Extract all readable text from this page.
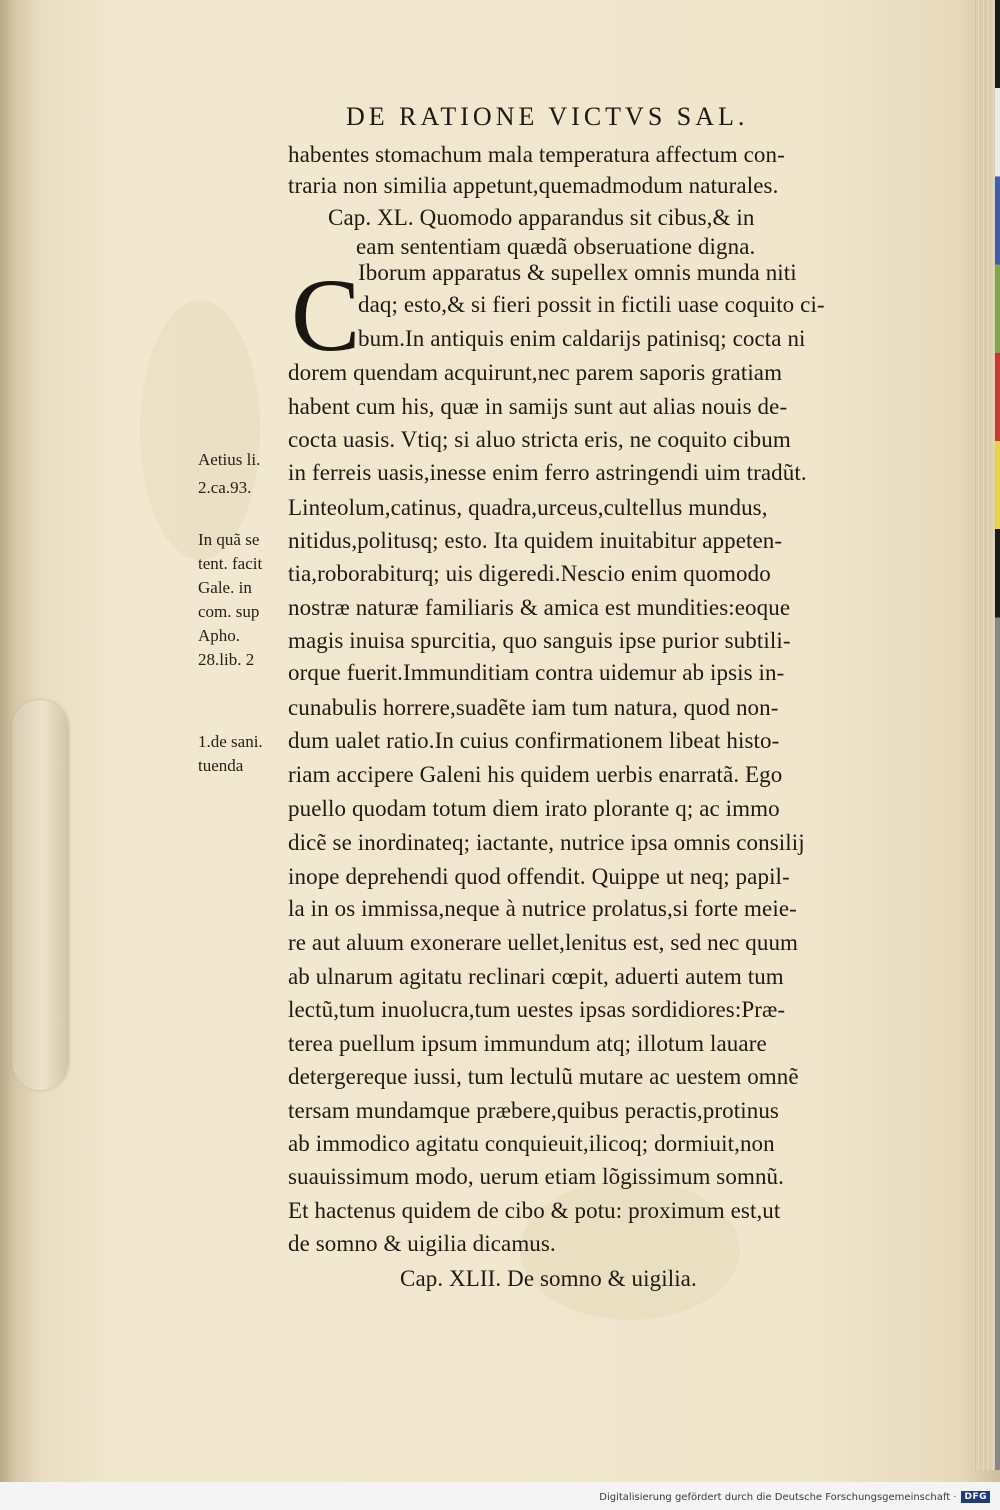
DE RATIONE VICTVS SAL.
C
habentes stomachum mala temperatura affectum con-
traria non similia appetunt,quemadmodum naturales.
Cap. XL. Quomodo apparandus sit cibus,& in
eam sententiam quædã obseruatione digna.
Iborum apparatus & supellex omnis munda niti
daq; esto,& si fieri possit in fictili uase coquito ci-
bum.In antiquis enim caldarijs patinisq; cocta ni
dorem quendam acquirunt,nec parem saporis gratiam
habent cum his, quæ in samijs sunt aut alias nouis de-
cocta uasis. Vtiq; si aluo stricta eris, ne coquito cibum
in ferreis uasis,inesse enim ferro astringendi uim tradũt.
Linteolum,catinus, quadra,urceus,cultellus mundus,
nitidus,politusq; esto. Ita quidem inuitabitur appeten-
tia,roborabiturq; uis digeredi.Nescio enim quomodo
nostræ naturæ familiaris & amica est mundities:eoque
magis inuisa spurcitia, quo sanguis ipse purior subtili-
orque fuerit.Immunditiam contra uidemur ab ipsis in-
cunabulis horrere,suadẽte iam tum natura, quod non-
dum ualet ratio.In cuius confirmationem libeat histo-
riam accipere Galeni his quidem uerbis enarratã. Ego
puello quodam totum diem irato plorante q; ac immo
dicẽ se inordinateq; iactante, nutrice ipsa omnis consilij
inope deprehendi quod offendit. Quippe ut neq; papil-
la in os immissa,neque à nutrice prolatus,si forte meie-
re aut aluum exonerare uellet,lenitus est, sed nec quum
ab ulnarum agitatu reclinari cœpit, aduerti autem tum
lectũ,tum inuolucra,tum uestes ipsas sordidiores:Præ-
terea puellum ipsum immundum atq; illotum lauare
detergereque iussi, tum lectulũ mutare ac uestem omnẽ
tersam mundamque præbere,quibus peractis,protinus
ab immodico agitatu conquieuit,ilicoq; dormiuit,non
suauissimum modo, uerum etiam lõgissimum somnũ.
Et hactenus quidem de cibo & potu: proximum est,ut
de somno & uigilia dicamus.
Cap. XLII. De somno & uigilia.
Aetius li.
2.ca.93.
In quã se
tent. facit
Gale. in
com. sup
Apho.
28.lib. 2
1.de sani.
tuenda
Digitalisierung gefördert durch die Deutsche Forschungsgemeinschaft · DFG
